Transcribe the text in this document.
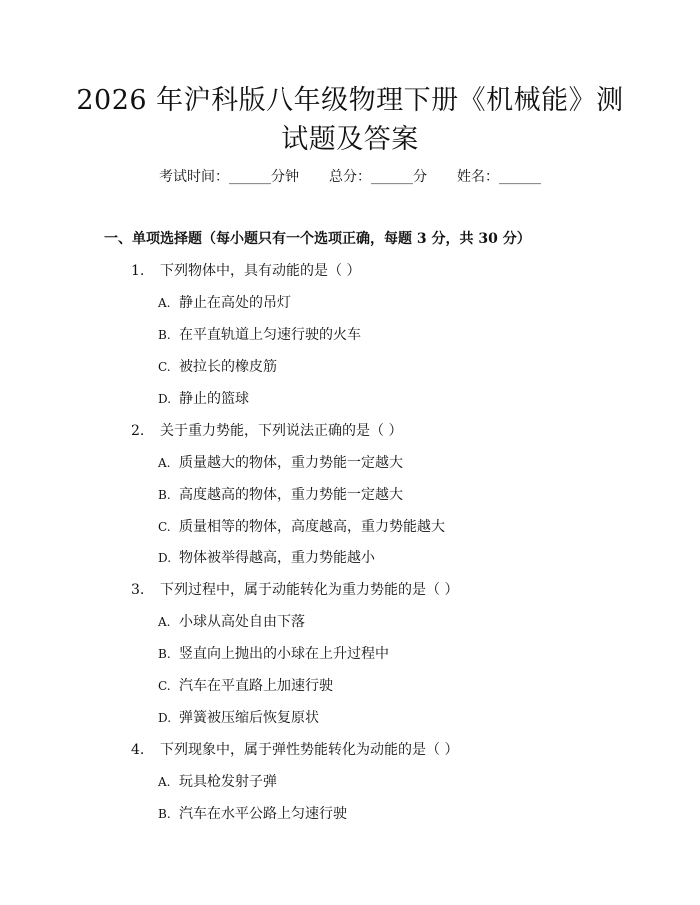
2026 年沪科版八年级物理下册《机械能》测
试题及答案
考试时间：______分钟 总分：______分 姓名：______
一、单项选择题（每小题只有一个选项正确，每题 3 分，共 30 分）
1. 下列物体中，具有动能的是（ ）
A. 静止在高处的吊灯
B. 在平直轨道上匀速行驶的火车
C. 被拉长的橡皮筋
D. 静止的篮球
2. 关于重力势能，下列说法正确的是（ ）
A. 质量越大的物体，重力势能一定越大
B. 高度越高的物体，重力势能一定越大
C. 质量相等的物体，高度越高，重力势能越大
D. 物体被举得越高，重力势能越小
3. 下列过程中，属于动能转化为重力势能的是（ ）
A. 小球从高处自由下落
B. 竖直向上抛出的小球在上升过程中
C. 汽车在平直路上加速行驶
D. 弹簧被压缩后恢复原状
4. 下列现象中，属于弹性势能转化为动能的是（ ）
A. 玩具枪发射子弹
B. 汽车在水平公路上匀速行驶
